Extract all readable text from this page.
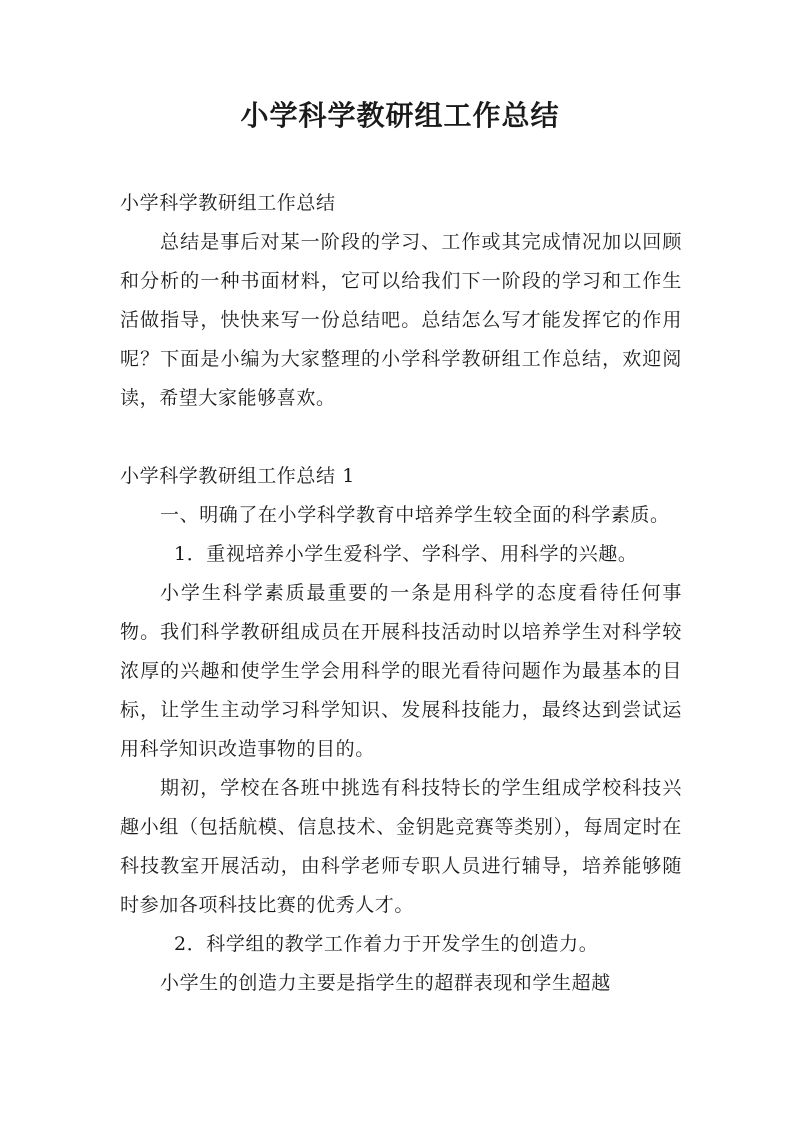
小学科学教研组工作总结

小学科学教研组工作总结

总结是事后对某一阶段的学习、工作或其完成情况加以回顾和分析的一种书面材料，它可以给我们下一阶段的学习和工作生活做指导，快快来写一份总结吧。总结怎么写才能发挥它的作用呢？下面是小编为大家整理的小学科学教研组工作总结，欢迎阅读，希望大家能够喜欢。

小学科学教研组工作总结 1

一、明确了在小学科学教育中培养学生较全面的科学素质。

1．重视培养小学生爱科学、学科学、用科学的兴趣。

小学生科学素质最重要的一条是用科学的态度看待任何事物。我们科学教研组成员在开展科技活动时以培养学生对科学较浓厚的兴趣和使学生学会用科学的眼光看待问题作为最基本的目标，让学生主动学习科学知识、发展科技能力，最终达到尝试运用科学知识改造事物的目的。

期初，学校在各班中挑选有科技特长的学生组成学校科技兴趣小组（包括航模、信息技术、金钥匙竞赛等类别），每周定时在科技教室开展活动，由科学老师专职人员进行辅导，培养能够随时参加各项科技比赛的优秀人才。

2．科学组的教学工作着力于开发学生的创造力。

小学生的创造力主要是指学生的超群表现和学生超越
